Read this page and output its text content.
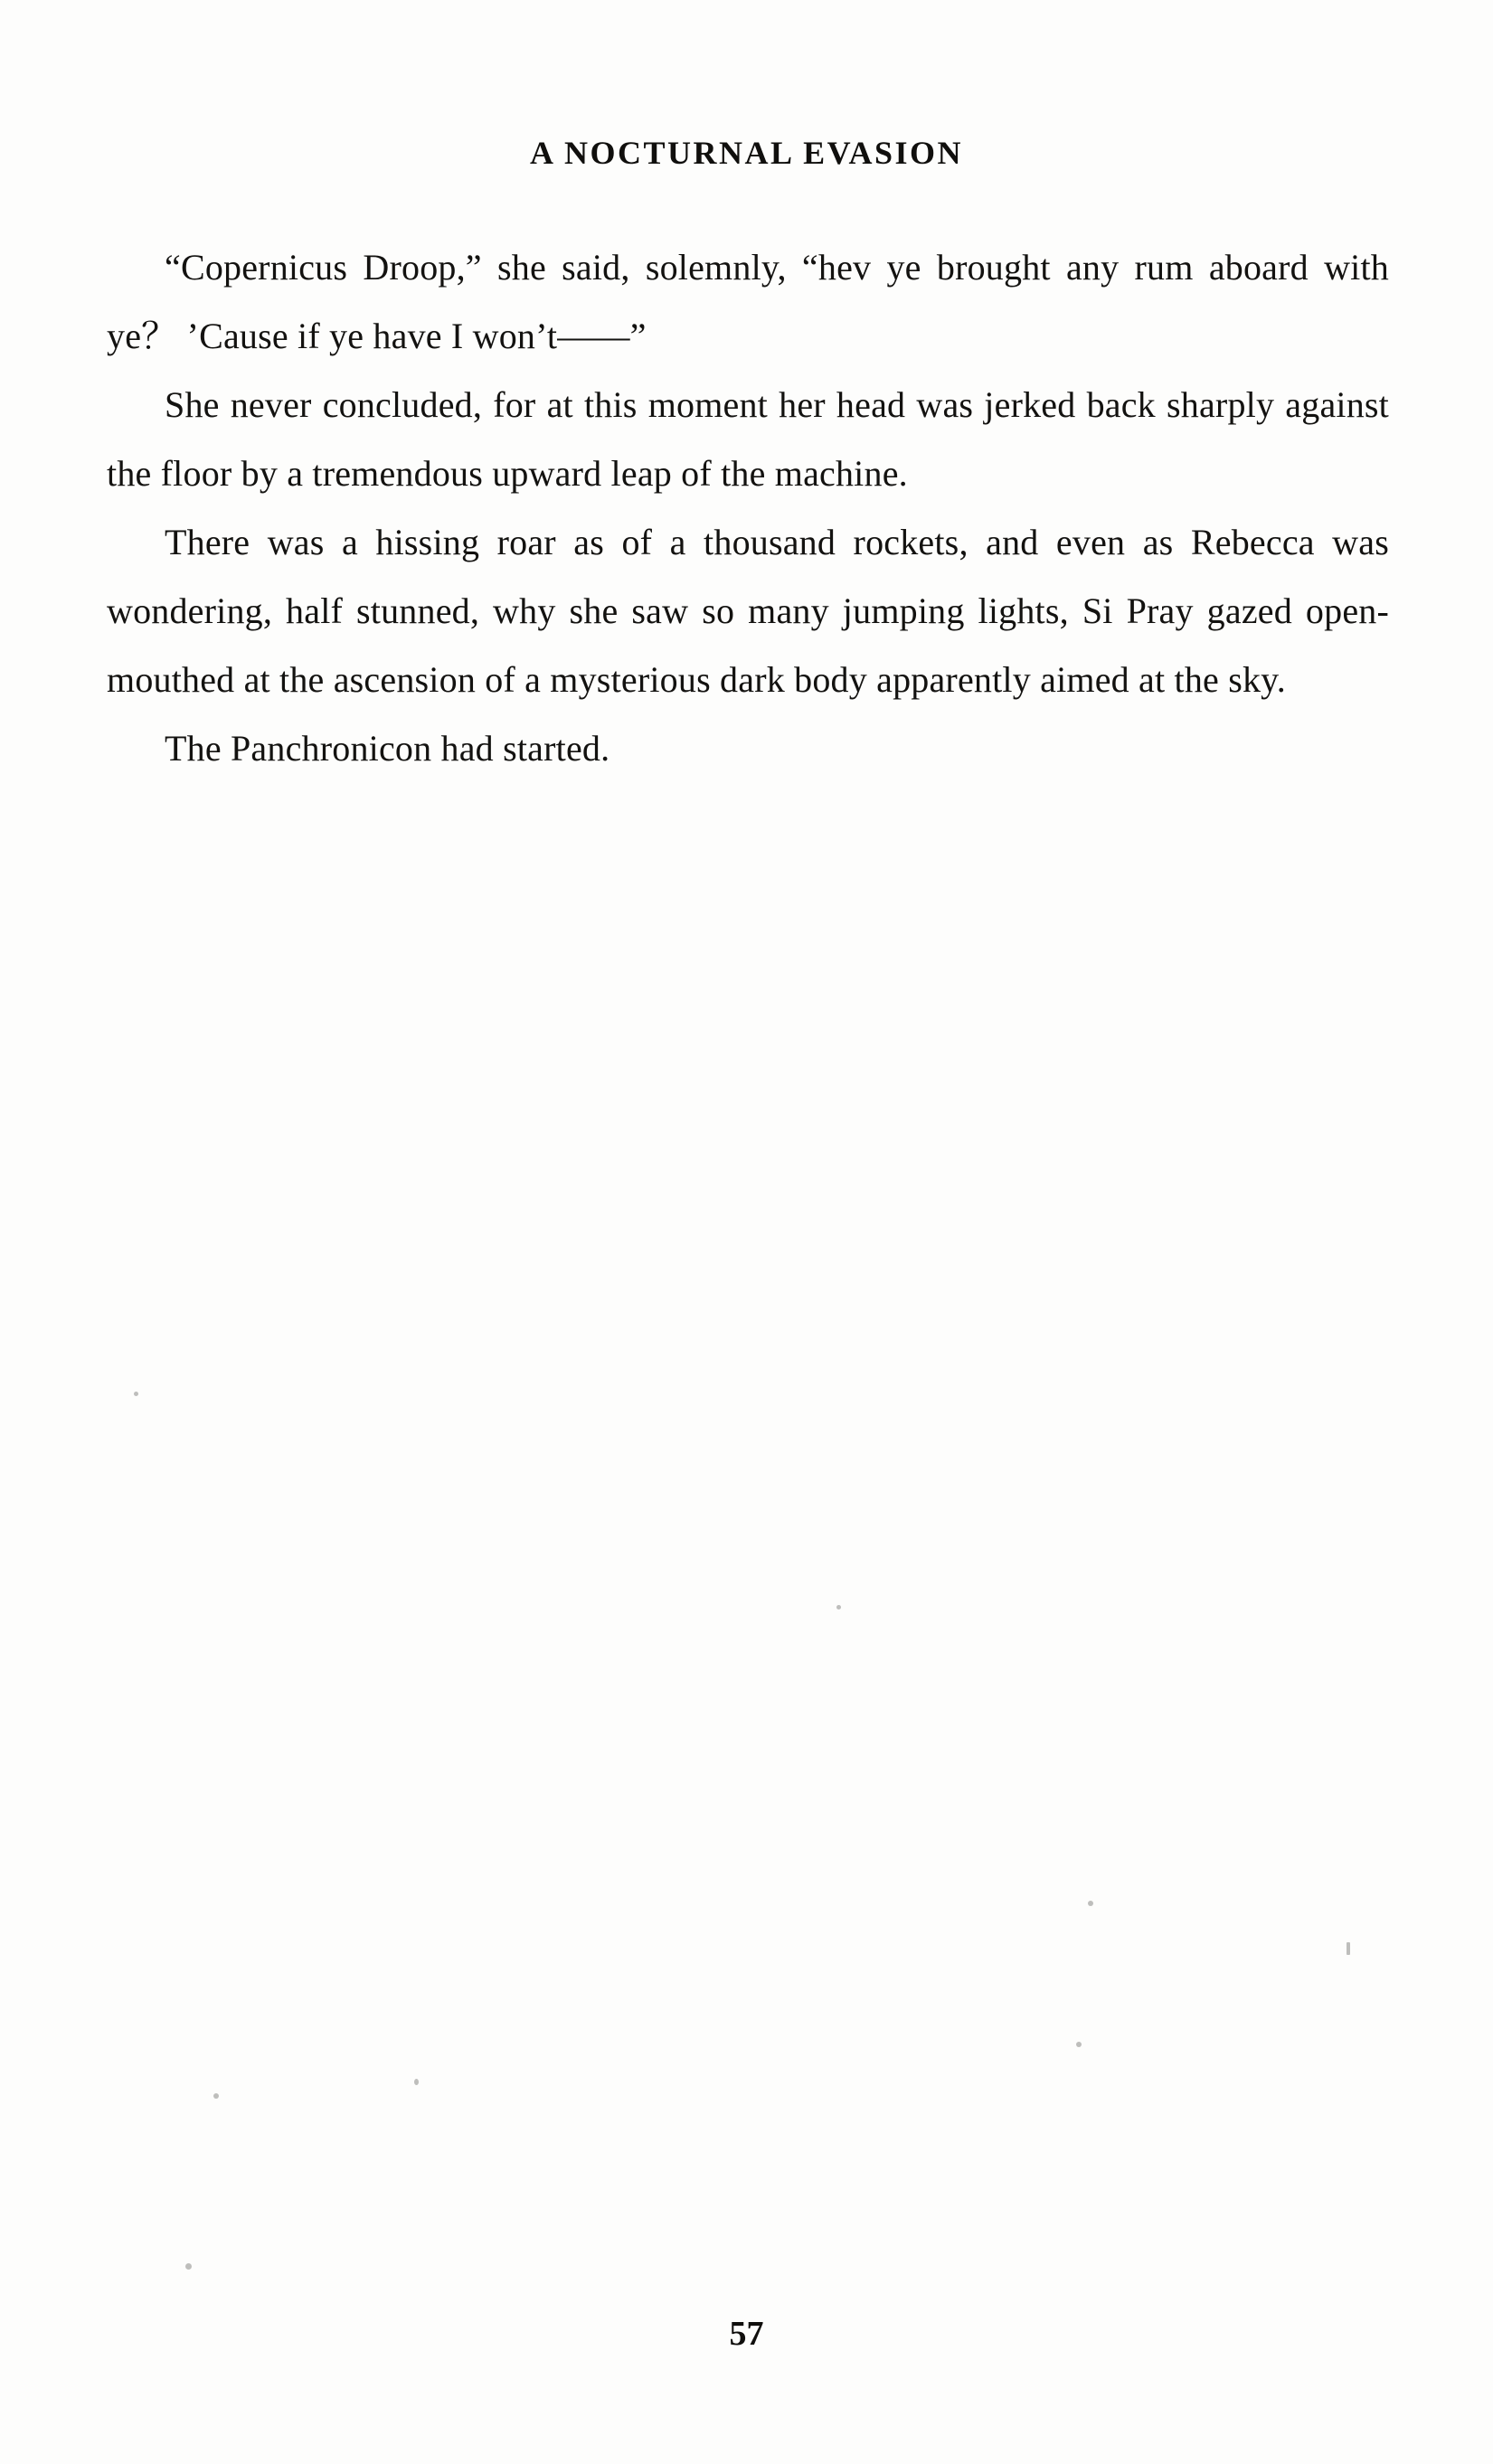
A NOCTURNAL EVASION

“Copernicus Droop,” she said, solemnly, “hev ye brought any rum aboard with ye？ ’Cause if ye have I won’t——”

She never concluded, for at this moment her head was jerked back sharply against the floor by a tremendous upward leap of the machine.

There was a hissing roar as of a thousand rockets, and even as Rebecca was wondering, half stunned, why she saw so many jumping lights, Si Pray gazed open-mouthed at the ascension of a mysterious dark body apparently aimed at the sky.

The Panchronicon had started.

57
